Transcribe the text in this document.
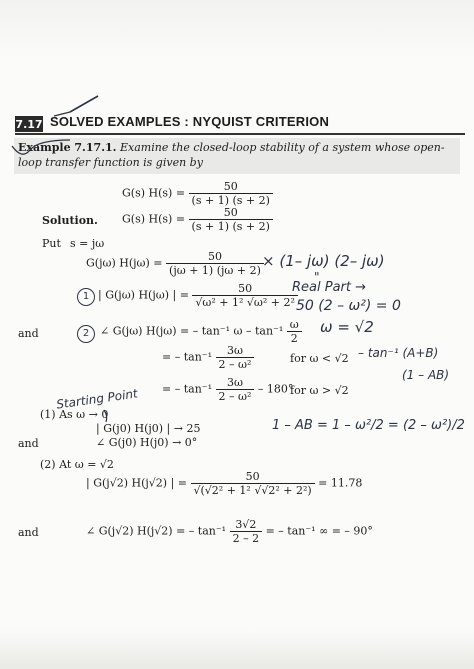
7.17 SOLVED EXAMPLES : NYQUIST CRITERION
Example 7.17.1. Examine the closed-loop stability of a system whose open-loop transfer function is given by
G(s) $H(s) = \frac{50}{(s + 1) (s + 2)}$
Solution. G(s) $H(s) = \frac{50}{(s + 1) (s + 2)}$
Put s = jω
G(jω) $H(j\omega) = \frac{50}{(j\omega + 1) (j\omega + 2)}$
| G(jω) H(jω) | = $\frac{50}{\text{√ω² + 1² √ω² + 2²}}$
and	∠ G(jω) H(jω) = – tan⁻¹ ω – $\tan^{-1} \frac{\omega}{2}$
= – $\tan^{-1} \frac{3\omega}{\text{2 – ω²}}$	for ω < √2
= – $\tan^{-1} \frac{3\omega}{\text{2 – ω²}} - 180^\circ$
for ω > √2
(1) As ω → 0
| G(j0) H(j0) | → 25
and	∠ G(j0) H(j0) → 0°
(2) At ω = √2
| G(j√2) H(j√2) | = $\frac{50}{\text{√(√2² + 1² √√2² + 2²)}} = 11.78$
and	∠ G(j√2) H(j√2) = – $\tan^{-1} \frac{3√2}{2 - 2}$ = – tan⁻¹ ∞ = – 90°
× (1– jω) (2– jω)
"
1
2
Real Part →
50 (2 – ω²) = 0
ω = √2
– tan⁻¹ (A+B)
(1 – AB)
Starting Point
1 – AB = 1 – ω²/2 = (2 – ω²)/2
